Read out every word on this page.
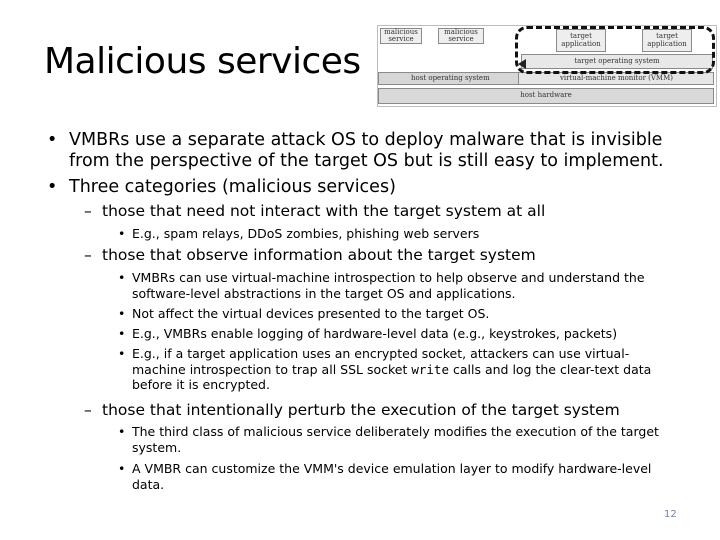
Malicious services
malicious service
malicious service	target application
target application
target operating system
host operating system	virtual-machine monitor (VMM)
host hardware
• VMBRs use a separate attack OS to deploy malware that is invisible from the perspective of the target OS but is still easy to implement.
• Three categories (malicious services)
– those that need not interact with the target system at all
• E.g., spam relays, DDoS zombies, phishing web servers
– those that observe information about the target system
• VMBRs can use virtual-machine introspection to help observe and understand the software-level abstractions in the target OS and applications.
• Not affect the virtual devices presented to the target OS.
• E.g., VMBRs enable logging of hardware-level data (e.g., keystrokes, packets)
• E.g., if a target application uses an encrypted socket, attackers can use virtual-machine introspection to trap all SSL socket write calls and log the clear-text data before it is encrypted.
– those that intentionally perturb the execution of the target system
• The third class of malicious service deliberately modifies the execution of the target system.
• A VMBR can customize the VMM's device emulation layer to modify hardware-level data.
12
